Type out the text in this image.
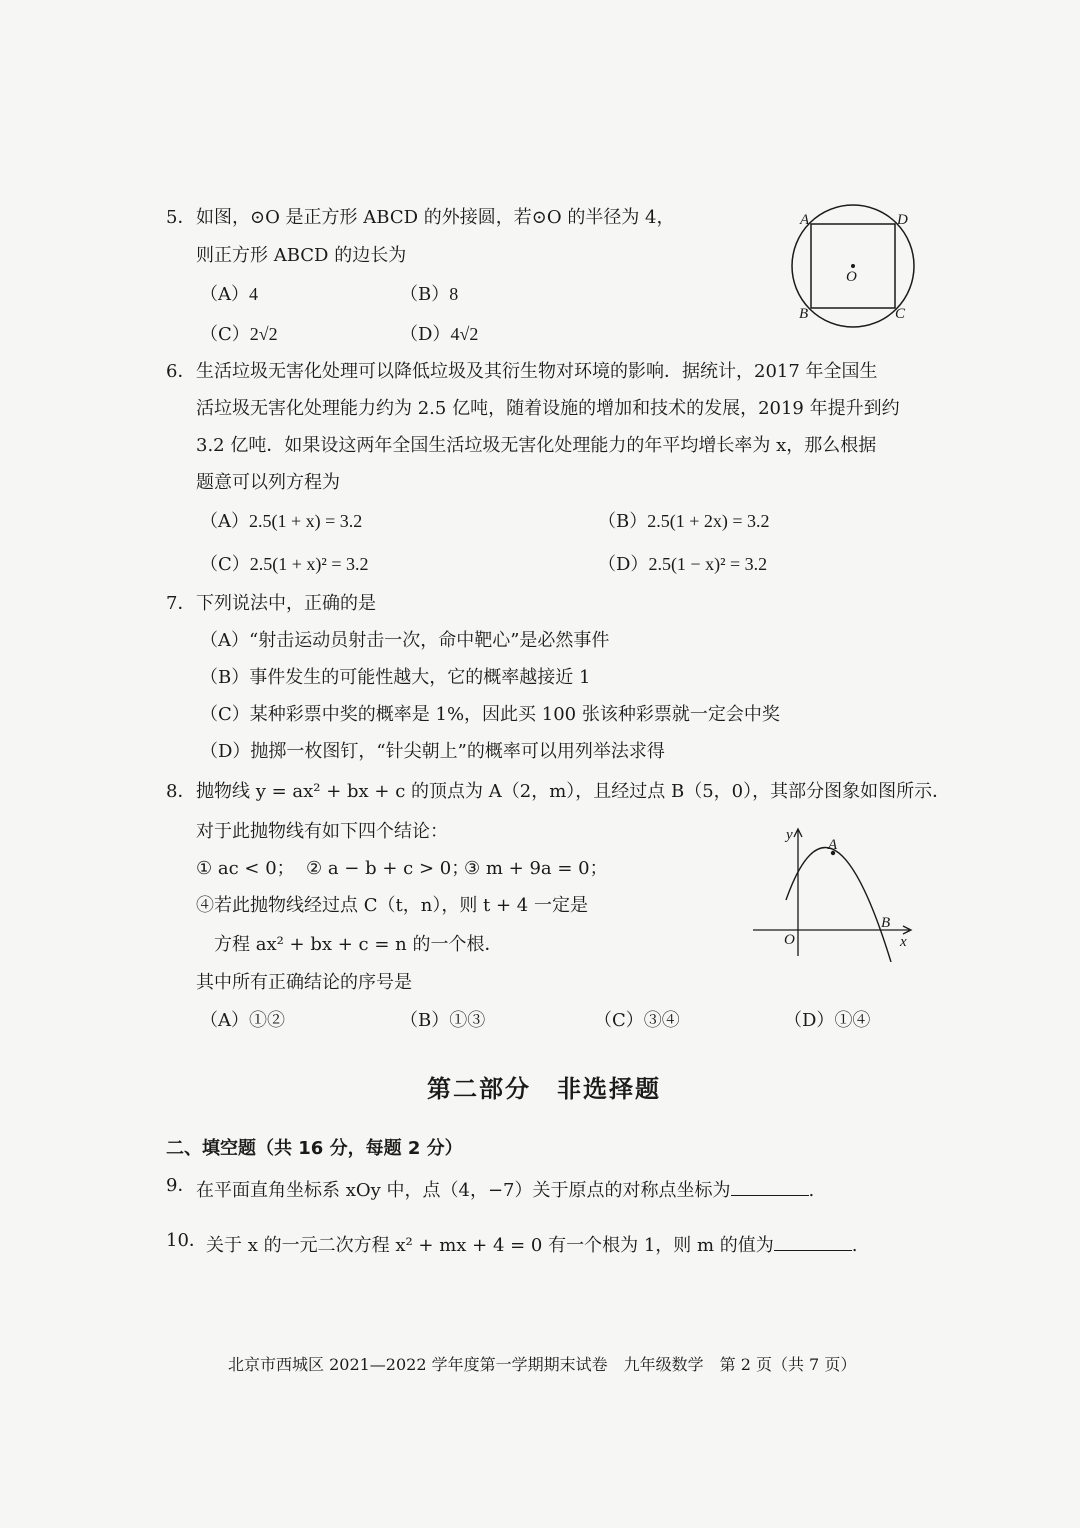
5． 如图，⊙O 是正方形 ABCD 的外接圆，若⊙O 的半径为 4，
则正方形 ABCD 的边长为
（A）4	（B）8
（C）2√2	（D）4√2
A	D
B	C
O
6． 生活垃圾无害化处理可以降低垃圾及其衍生物对环境的影响．据统计，2017 年全国生
活垃圾无害化处理能力约为 2.5 亿吨，随着设施的增加和技术的发展，2019 年提升到约
3.2 亿吨．如果设这两年全国生活垃圾无害化处理能力的年平均增长率为 x，那么根据
题意可以列方程为
（A）2.5(1 + x) = 3.2	（B）2.5(1 + 2x) = 3.2
（C）2.5(1 + x)² = 3.2	（D）2.5(1 − x)² = 3.2
7． 下列说法中，正确的是
（A）“射击运动员射击一次，命中靶心”是必然事件
（B）事件发生的可能性越大，它的概率越接近 1
（C）某种彩票中奖的概率是 1%，因此买 100 张该种彩票就一定会中奖
（D）抛掷一枚图钉，“针尖朝上”的概率可以用列举法求得
8． 抛物线 y = ax² + bx + c 的顶点为 A（2，m），且经过点 B（5，0），其部分图象如图所示．
对于此抛物线有如下四个结论：
① ac < 0； ② a − b + c > 0；
③ m + 9a = 0；
④若此抛物线经过点 C（t，n），则 t + 4 一定是
方程 ax² + bx + c = n 的一个根．
其中所有正确结论的序号是
（A）①②	（B）①③	（C）③④	（D）①④
y
x
A
B
O
第二部分　非选择题
二、填空题（共 16 分，每题 2 分）
9． 在平面直角坐标系 xOy 中，点（4，−7）关于原点的对称点坐标为	.
10． 关于 x 的一元二次方程 x² + mx + 4 = 0 有一个根为 1，则 m 的值为	.
北京市西城区 2021—2022 学年度第一学期期末试卷　九年级数学　第 2 页（共 7 页）
